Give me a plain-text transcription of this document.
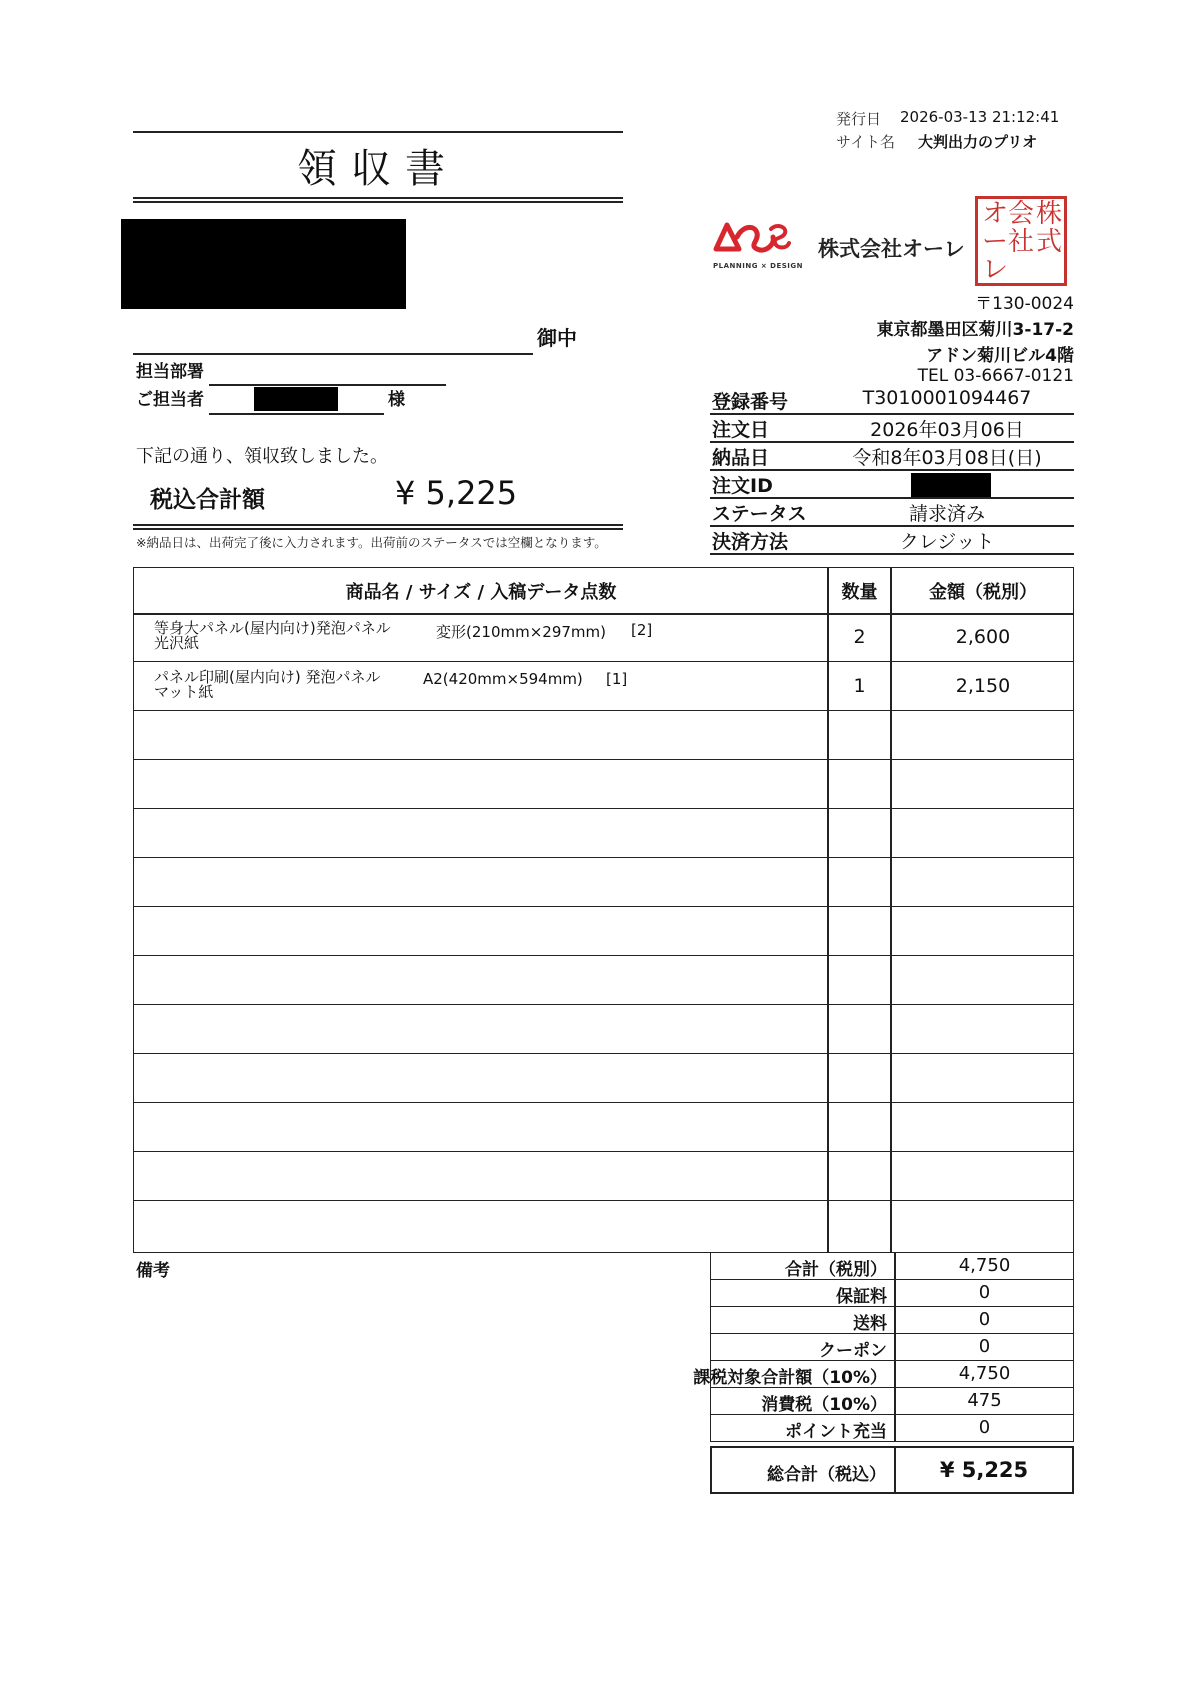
発行日 2026-03-13 21:12:41
サイト名 大判出力のプリオ
領収書
御中
担当部署
ご担当者	様
下記の通り、領収致しました。
税込合計額	¥ 5,225
※納品日は、出荷完了後に入力されます。出荷前のステータスでは空欄となります。
PLANNING × DESIGN
株式会社オーレ
株
式
会
社
オ
ー
レ
〒130-0024
東京都墨田区菊川3-17-2
アドン菊川ビル4階
TEL 03-6667-0121
登録番号	T3010001094467
注文日	2026年03月06日
納品日	令和8年03月08日(日)
注文ID
ステータス	請求済み
決済方法	クレジット
商品名 / サイズ / 入稿データ点数	数量	金額（税別）
等身大パネル(屋内向け)発泡パネル
光沢紙
変形(210mm×297mm) [2]	2	2,600
パネル印刷(屋内向け) 発泡パネル
マット紙
A2(420mm×594mm) [1]	1	2,150
備考	合計（税別）	4,750
保証料	0
送料	0
クーポン	0
課税対象合計額（10%）	4,750
消費税（10%）	475
ポイント充当	0
総合計（税込）	¥ 5,225
